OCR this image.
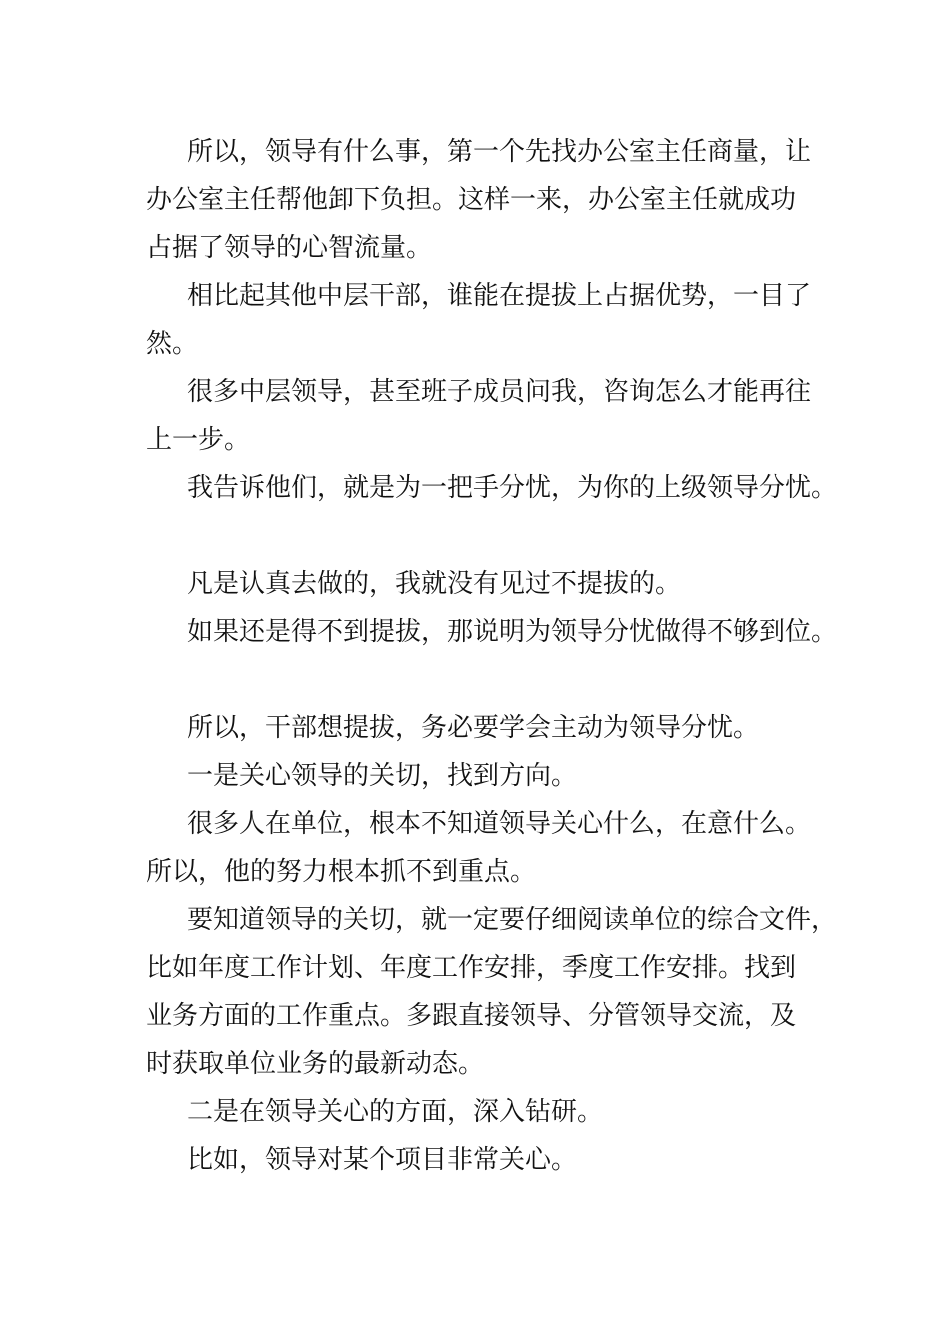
所以，领导有什么事，第一个先找办公室主任商量，让
办公室主任帮他卸下负担。这样一来，办公室主任就成功
占据了领导的心智流量。

相比起其他中层干部，谁能在提拔上占据优势，一目了
然。

很多中层领导，甚至班子成员问我，咨询怎么才能再往
上一步。

我告诉他们，就是为一把手分忧，为你的上级领导分忧。

凡是认真去做的，我就没有见过不提拔的。

如果还是得不到提拔，那说明为领导分忧做得不够到位。

所以，干部想提拔，务必要学会主动为领导分忧。

一是关心领导的关切，找到方向。

很多人在单位，根本不知道领导关心什么，在意什么。
所以，他的努力根本抓不到重点。

要知道领导的关切，就一定要仔细阅读单位的综合文件，
比如年度工作计划、年度工作安排，季度工作安排。找到
业务方面的工作重点。多跟直接领导、分管领导交流，及
时获取单位业务的最新动态。

二是在领导关心的方面，深入钻研。

比如，领导对某个项目非常关心。
